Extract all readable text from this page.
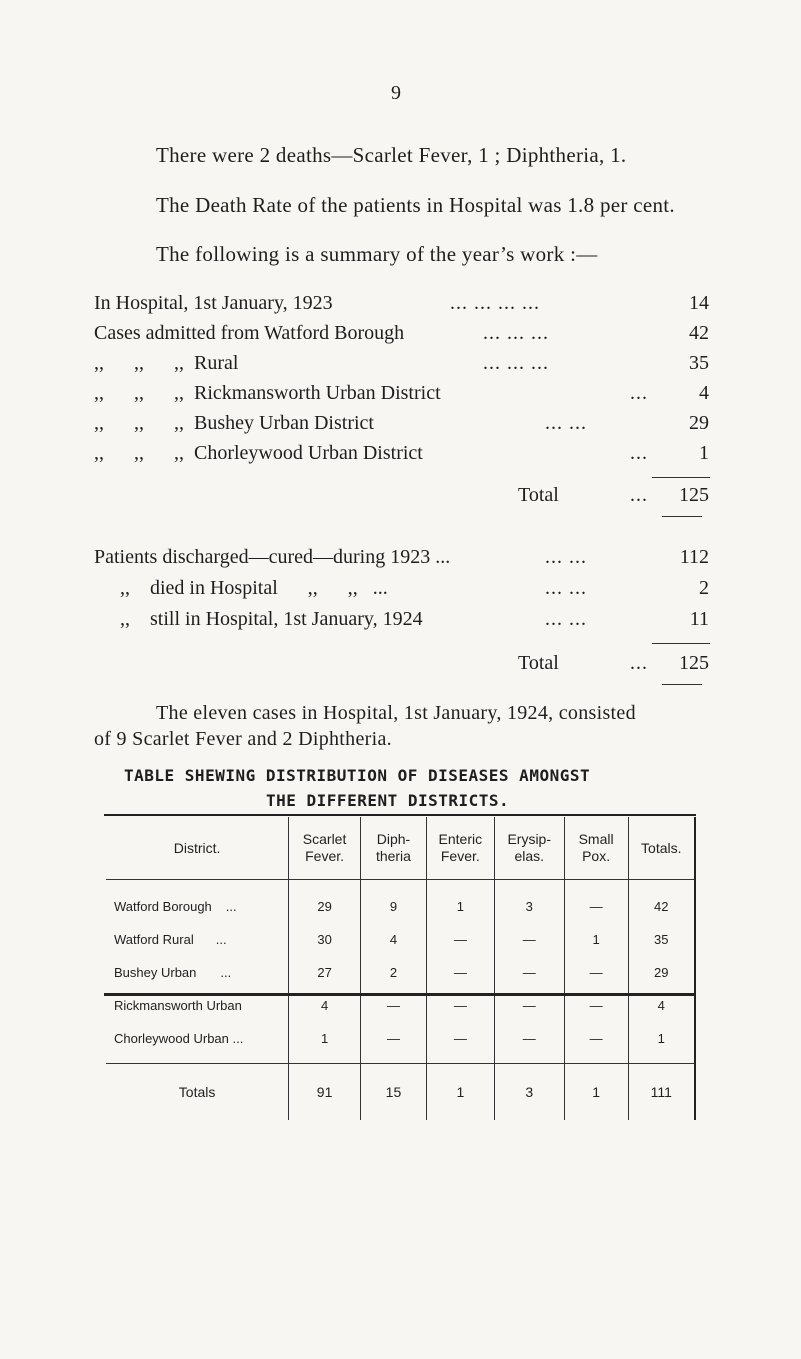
9
There were 2 deaths—Scarlet Fever, 1 ; Diphtheria, 1.
The Death Rate of the patients in Hospital was 1.8 per cent.
The following is a summary of the year’s work :—
In Hospital, 1st January, 1923	... ... ... ...	14
Cases admitted from Watford Borough	... ... ...	42
,,      ,,      ,,  Rural	... ... ...	35
,,      ,,      ,,  Rickmansworth Urban District	...	4
,,      ,,      ,,  Bushey Urban District	... ...	29
,,      ,,      ,,  Chorleywood Urban District	...	1
Total	... 125
Patients discharged—cured—during 1923 ...	... ...	112
,,    died in Hospital      ,,      ,,   ...	... ...	2
,,    still in Hospital, 1st January, 1924	... ...	11
Total	... 125
The eleven cases in Hospital, 1st January, 1924, consisted
of 9 Scarlet Fever and 2 Diphtheria.
TABLE SHEWING DISTRIBUTION OF DISEASES AMONGST
THE DIFFERENT DISTRICTS.
District.	Scarlet Fever.	Diph-theria	Enteric Fever.	Erysip-elas.	Small Pox.	Totals.
Watford Borough ...	29	9	1	3	—	42
Watford Rural ...	30	4	—	—	1	35
Bushey Urban ...	27	2	—	—	—	29
Rickmansworth Urban	4	—	—	—	—	4
Chorleywood Urban ...	1	—	—	—	—	1
Totals	91	15	1	3	1	111
